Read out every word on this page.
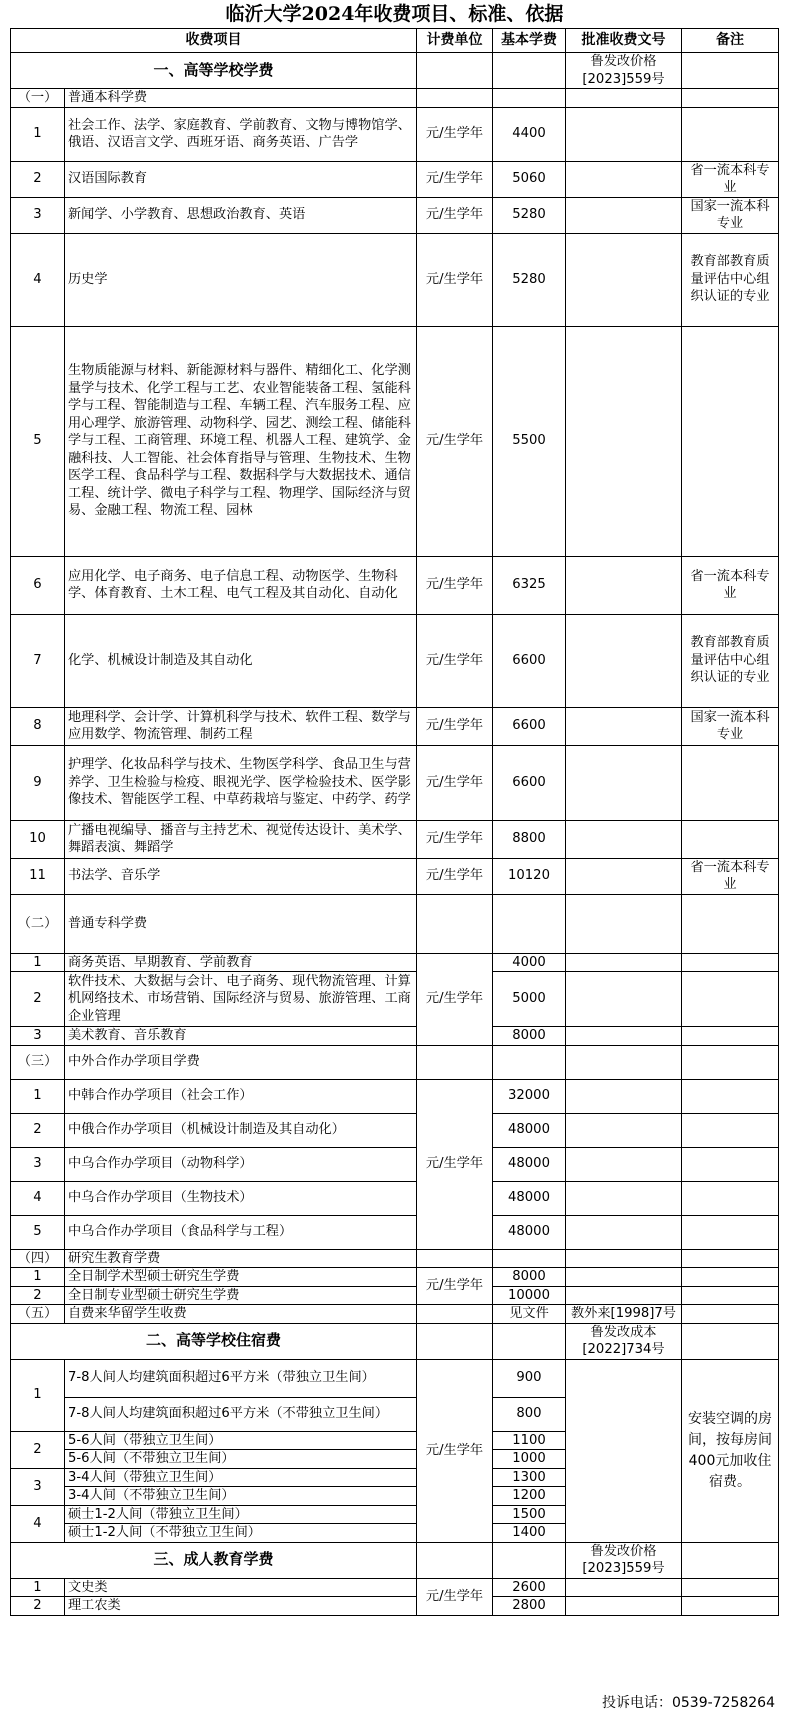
临沂大学2024年收费项目、标准、依据
收费项目		计费单位	基本学费	批准收费文号	备注
一、高等学校学费				鲁发改价格[2023]559号	
（一）	普通本科学费				
1	社会工作、法学、家庭教育、学前教育、文物与博物馆学、俄语、汉语言文学、西班牙语、商务英语、广告学	元/生学年	4400		
2	汉语国际教育	元/生学年	5060		省一流本科专业
3	新闻学、小学教育、思想政治教育、英语	元/生学年	5280		国家一流本科专业
4	历史学	元/生学年	5280		教育部教育质量评估中心组织认证的专业
5	生物质能源与材料、新能源材料与器件、精细化工、化学测量学与技术、化学工程与工艺、农业智能装备工程、氢能科学与工程、智能制造与工程、车辆工程、汽车服务工程、应用心理学、旅游管理、动物科学、园艺、测绘工程、储能科学与工程、工商管理、环境工程、机器人工程、建筑学、金融科技、人工智能、社会体育指导与管理、生物技术、生物医学工程、食品科学与工程、数据科学与大数据技术、通信工程、统计学、微电子科学与工程、物理学、国际经济与贸易、金融工程、物流工程、园林	元/生学年	5500		
6	应用化学、电子商务、电子信息工程、动物医学、生物科学、体育教育、土木工程、电气工程及其自动化、自动化	元/生学年	6325		省一流本科专业
7	化学、机械设计制造及其自动化	元/生学年	6600		教育部教育质量评估中心组织认证的专业
8	地理科学、会计学、计算机科学与技术、软件工程、数学与应用数学、物流管理、制药工程	元/生学年	6600		国家一流本科专业
9	护理学、化妆品科学与技术、生物医学科学、食品卫生与营养学、卫生检验与检疫、眼视光学、医学检验技术、医学影像技术、智能医学工程、中草药栽培与鉴定、中药学、药学	元/生学年	6600		
10	广播电视编导、播音与主持艺术、视觉传达设计、美术学、舞蹈表演、舞蹈学	元/生学年	8800		
11	书法学、音乐学	元/生学年	10120		省一流本科专业
（二）	普通专科学费				
1	商务英语、早期教育、学前教育	元/生学年	4000		
2	软件技术、大数据与会计、电子商务、现代物流管理、计算机网络技术、市场营销、国际经济与贸易、旅游管理、工商企业管理		5000		
3	美术教育、音乐教育		8000		
（三）	中外合作办学项目学费				
1	中韩合作办学项目（社会工作）	元/生学年	32000		
2	中俄合作办学项目（机械设计制造及其自动化）		48000		
3	中乌合作办学项目（动物科学）		48000		
4	中乌合作办学项目（生物技术）		48000		
5	中乌合作办学项目（食品科学与工程）		48000		
（四）	研究生教育学费				
1	全日制学术型硕士研究生学费	元/生学年	8000		
2	全日制专业型硕士研究生学费		10000		
（五）	自费来华留学生收费		见文件	教外来[1998]7号	
二、高等学校住宿费				鲁发改成本[2022]734号	
1	7-8人间人均建筑面积超过6平方米（带独立卫生间）	元/生学年	900		安装空调的房间，按每房间400元加收住宿费。
	7-8人间人均建筑面积超过6平方米（不带独立卫生间）		800		
2	5-6人间（带独立卫生间）		1100		
	5-6人间（不带独立卫生间）		1000		
3	3-4人间（带独立卫生间）		1300		
	3-4人间（不带独立卫生间）		1200		
4	硕士1-2人间（带独立卫生间）		1500		
	硕士1-2人间（不带独立卫生间）		1400		
三、成人教育学费				鲁发改价格[2023]559号	
1	文史类	元/生学年	2600		
2	理工农类		2800		
投诉电话：0539-7258264
